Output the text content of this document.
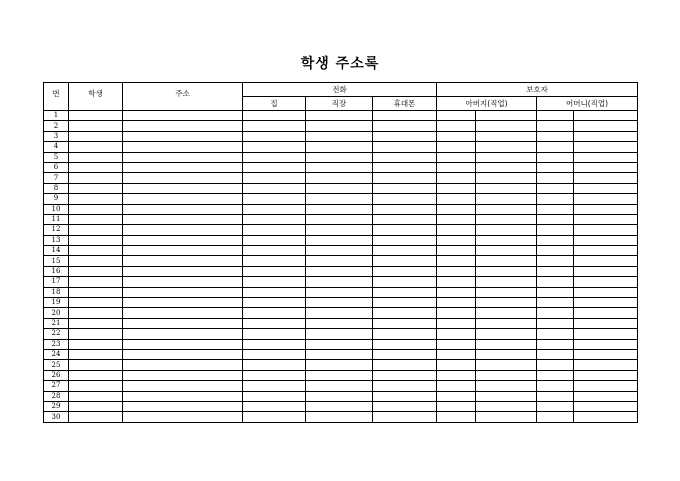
학생 주소록
번	학생	주소	전화			보호자			
			집	직장	휴대폰	아버지(직업)		어머니(직업)	
1									
2									
3									
4									
5									
6									
7									
8									
9									
10									
11									
12									
13									
14									
15									
16									
17									
18									
19									
20									
21									
22									
23									
24									
25									
26									
27									
28									
29									
30									
